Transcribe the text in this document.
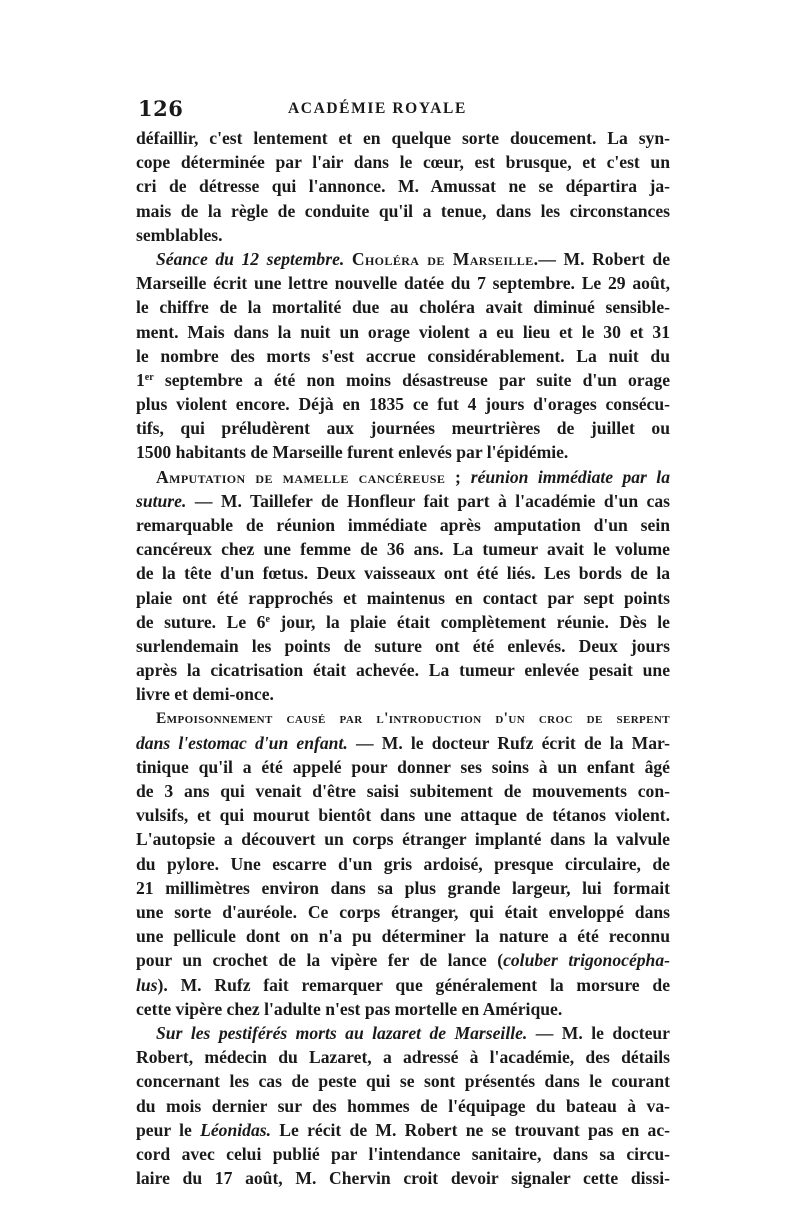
126	ACADÉMIE ROYALE
défaillir, c'est lentement et en quelque sorte doucement. La syn-
cope déterminée par l'air dans le cœur, est brusque, et c'est un
cri de détresse qui l'annonce. M. Amussat ne se départira ja-
mais de la règle de conduite qu'il a tenue, dans les circonstances
semblables.
Séance du 12 septembre. Choléra de Marseille.— M. Robert de
Marseille écrit une lettre nouvelle datée du 7 septembre. Le 29 août,
le chiffre de la mortalité due au choléra avait diminué sensible-
ment. Mais dans la nuit un orage violent a eu lieu et le 30 et 31
le nombre des morts s'est accrue considérablement. La nuit du
1er septembre a été non moins désastreuse par suite d'un orage
plus violent encore. Déjà en 1835 ce fut 4 jours d'orages consécu-
tifs, qui préludèrent aux journées meurtrières de juillet ou
1500 habitants de Marseille furent enlevés par l'épidémie.
Amputation de mamelle cancéreuse ; réunion immédiate par la
suture. — M. Taillefer de Honfleur fait part à l'académie d'un cas
remarquable de réunion immédiate après amputation d'un sein
cancéreux chez une femme de 36 ans. La tumeur avait le volume
de la tête d'un fœtus. Deux vaisseaux ont été liés. Les bords de la
plaie ont été rapprochés et maintenus en contact par sept points
de suture. Le 6e jour, la plaie était complètement réunie. Dès le
surlendemain les points de suture ont été enlevés. Deux jours
après la cicatrisation était achevée. La tumeur enlevée pesait une
livre et demi-once.
Empoisonnement causé par l'introduction d'un croc de serpent
dans l'estomac d'un enfant. — M. le docteur Rufz écrit de la Mar-
tinique qu'il a été appelé pour donner ses soins à un enfant âgé
de 3 ans qui venait d'être saisi subitement de mouvements con-
vulsifs, et qui mourut bientôt dans une attaque de tétanos violent.
L'autopsie a découvert un corps étranger implanté dans la valvule
du pylore. Une escarre d'un gris ardoisé, presque circulaire, de
21 millimètres environ dans sa plus grande largeur, lui formait
une sorte d'auréole. Ce corps étranger, qui était enveloppé dans
une pellicule dont on n'a pu déterminer la nature a été reconnu
pour un crochet de la vipère fer de lance (coluber trigonocépha-
lus). M. Rufz fait remarquer que généralement la morsure de
cette vipère chez l'adulte n'est pas mortelle en Amérique.
Sur les pestiférés morts au lazaret de Marseille. — M. le docteur
Robert, médecin du Lazaret, a adressé à l'académie, des détails
concernant les cas de peste qui se sont présentés dans le courant
du mois dernier sur des hommes de l'équipage du bateau à va-
peur le Léonidas. Le récit de M. Robert ne se trouvant pas en ac-
cord avec celui publié par l'intendance sanitaire, dans sa circu-
laire du 17 août, M. Chervin croit devoir signaler cette dissi-
